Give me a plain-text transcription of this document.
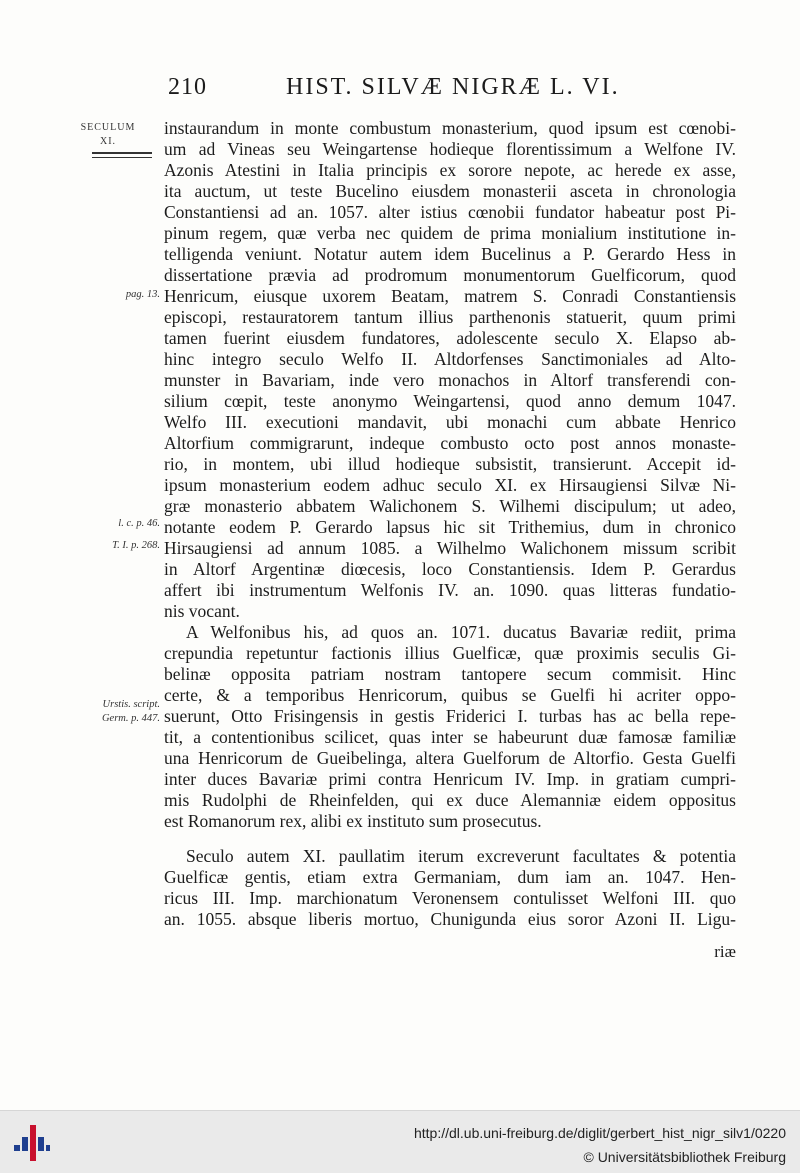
210	HIST. SILVÆ NIGRÆ L. VI.
SECULUM
XI.
pag. 13.
l. c. p. 46.
T. I. p. 268.
Urstis. script.
Germ. p. 447.
instaurandum in monte combustum monasterium, quod ipsum est cœnobi-
um ad Vineas seu Weingartense hodieque florentissimum a Welfone IV.
Azonis Atestini in Italia principis ex sorore nepote, ac herede ex asse,
ita auctum, ut teste Bucelino eiusdem monasterii asceta in chronologia
Constantiensi ad an. 1057. alter istius cœnobii fundator habeatur post Pi-
pinum regem, quæ verba nec quidem de prima monialium institutione in-
telligenda veniunt. Notatur autem idem Bucelinus a P. Gerardo Hess in
dissertatione prævia ad prodromum monumentorum Guelficorum, quod
Henricum, eiusque uxorem Beatam, matrem S. Conradi Constantiensis
episcopi, restauratorem tantum illius parthenonis statuerit, quum primi
tamen fuerint eiusdem fundatores, adolescente seculo X. Elapso ab-
hinc integro seculo Welfo II. Altdorfenses Sanctimoniales ad Alto-
munster in Bavariam, inde vero monachos in Altorf transferendi con-
silium cœpit, teste anonymo Weingartensi, quod anno demum 1047.
Welfo III. executioni mandavit, ubi monachi cum abbate Henrico
Altorfium commigrarunt, indeque combusto octo post annos monaste-
rio, in montem, ubi illud hodieque subsistit, transierunt. Accepit id-
ipsum monasterium eodem adhuc seculo XI. ex Hirsaugiensi Silvæ Ni-
græ monasterio abbatem Walichonem S. Wilhemi discipulum; ut adeo,
notante eodem P. Gerardo lapsus hic sit Trithemius, dum in chronico
Hirsaugiensi ad annum 1085. a Wilhelmo Walichonem missum scribit
in Altorf Argentinæ diœcesis, loco Constantiensis. Idem P. Gerardus
affert ibi instrumentum Welfonis IV. an. 1090. quas litteras fundatio-
nis vocant.
A Welfonibus his, ad quos an. 1071. ducatus Bavariæ rediit, prima
crepundia repetuntur factionis illius Guelficæ, quæ proximis seculis Gi-
belinæ opposita patriam nostram tantopere secum commisit. Hinc
certe, & a temporibus Henricorum, quibus se Guelfi hi acriter oppo-
suerunt, Otto Frisingensis in gestis Friderici I. turbas has ac bella repe-
tit, a contentionibus scilicet, quas inter se habeurunt duæ famosæ familiæ
una Henricorum de Gueibelinga, altera Guelforum de Altorfio. Gesta Guelfi
inter duces Bavariæ primi contra Henricum IV. Imp. in gratiam cumpri-
mis Rudolphi de Rheinfelden, qui ex duce Alemanniæ eidem oppositus
est Romanorum rex, alibi ex instituto sum prosecutus.
Seculo autem XI. paullatim iterum excreverunt facultates & potentia
Guelficæ gentis, etiam extra Germaniam, dum iam an. 1047. Hen-
ricus III. Imp. marchionatum Veronensem contulisset Welfoni III. quo
an. 1055. absque liberis mortuo, Chunigunda eius soror Azoni II. Ligu-
riæ
http://dl.ub.uni-freiburg.de/diglit/gerbert_hist_nigr_silv1/0220
© Universitätsbibliothek Freiburg
